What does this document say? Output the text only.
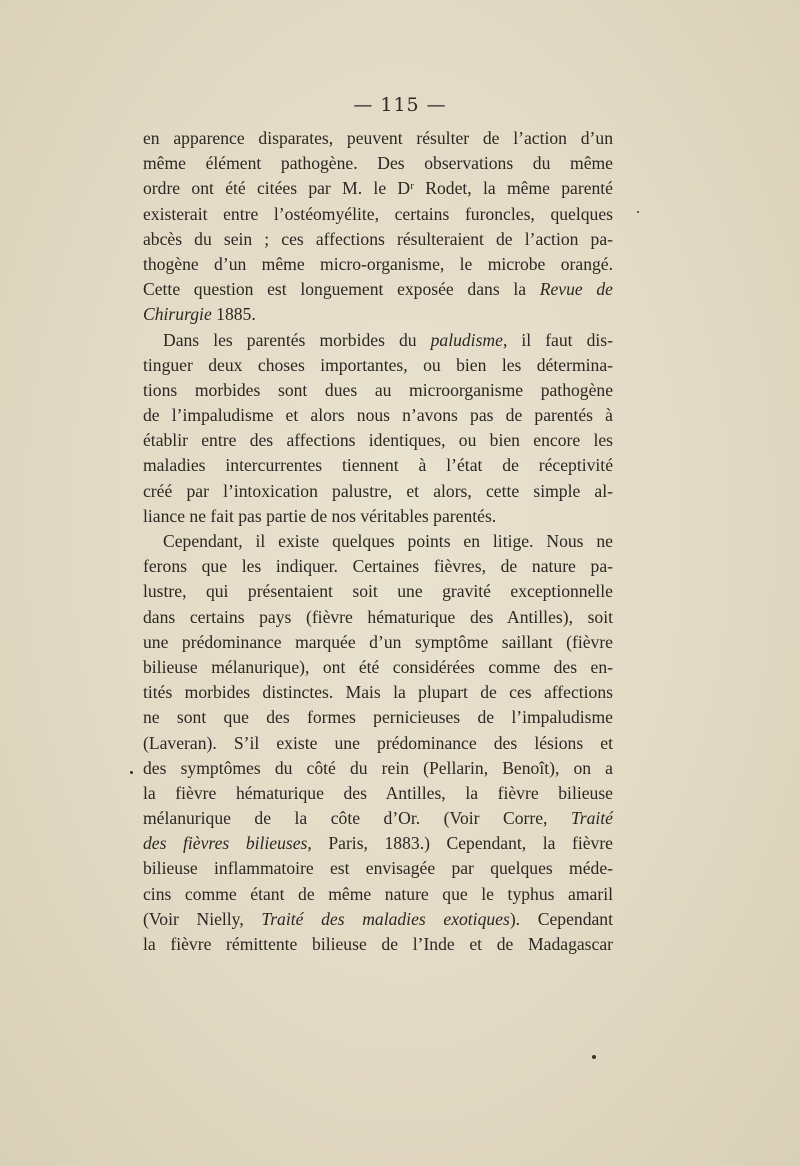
— 115 —
en apparence disparates, peuvent résulter de l’action d’un
même élément pathogène. Des observations du même
ordre ont été citées par M. le Dʳ Rodet, la même parenté
existerait entre l’ostéomyélite, certains furoncles, quelques
abcès du sein ; ces affections résulteraient de l’action pa-
thogène d’un même micro-organisme, le microbe orangé.
Cette question est longuement exposée dans la Revue de
Chirurgie 1885.
Dans les parentés morbides du paludisme, il faut dis-
tinguer deux choses importantes, ou bien les détermina-
tions morbides sont dues au microorganisme pathogène
de l’impaludisme et alors nous n’avons pas de parentés à
établir entre des affections identiques, ou bien encore les
maladies intercurrentes tiennent à l’état de réceptivité
créé par l’intoxication palustre, et alors, cette simple al-
liance ne fait pas partie de nos véritables parentés.
Cependant, il existe quelques points en litige. Nous ne
ferons que les indiquer. Certaines fièvres, de nature pa-
lustre, qui présentaient soit une gravité exceptionnelle
dans certains pays (fièvre hématurique des Antilles), soit
une prédominance marquée d’un symptôme saillant (fièvre
bilieuse mélanurique), ont été considérées comme des en-
tités morbides distinctes. Mais la plupart de ces affections
ne sont que des formes pernicieuses de l’impaludisme
(Laveran). S’il existe une prédominance des lésions et
des symptômes du côté du rein (Pellarin, Benoît), on a
la fièvre hématurique des Antilles, la fièvre bilieuse
mélanurique de la côte d’Or. (Voir Corre, Traité
des fièvres bilieuses, Paris, 1883.) Cependant, la fièvre
bilieuse inflammatoire est envisagée par quelques méde-
cins comme étant de même nature que le typhus amaril
(Voir Nielly, Traité des maladies exotiques). Cependant
la fièvre rémittente bilieuse de l’Inde et de Madagascar
